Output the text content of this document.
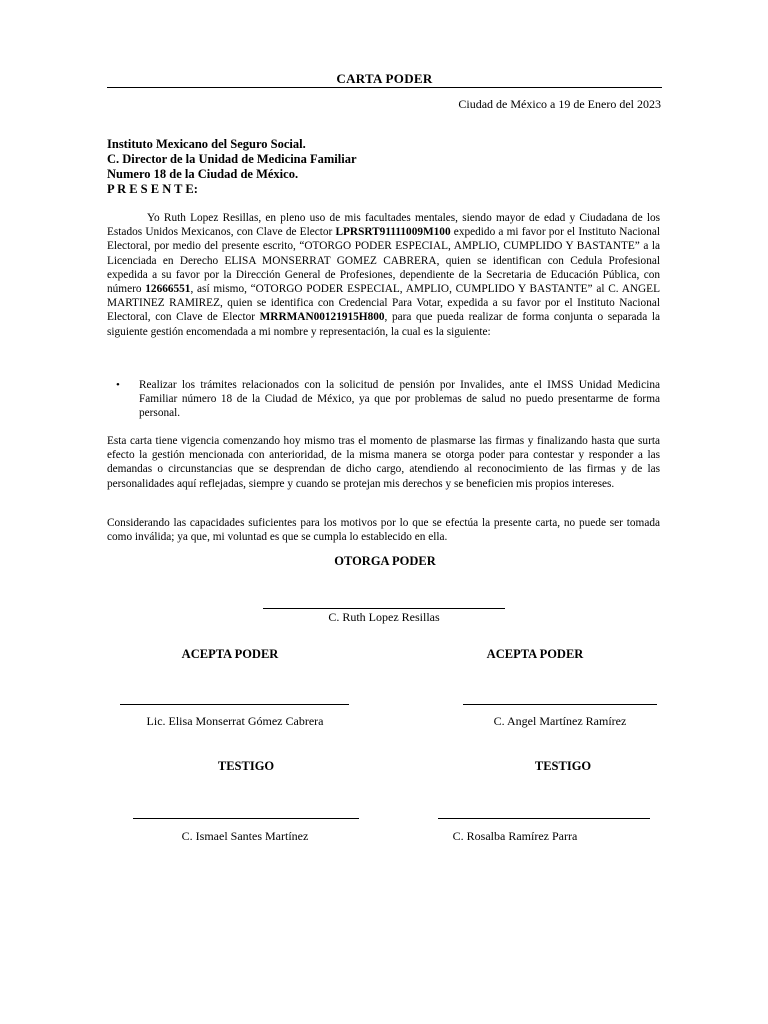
CARTA PODER
Ciudad de México a 19 de Enero del 2023
Instituto Mexicano del Seguro Social.
C. Director de la Unidad de Medicina Familiar
Numero 18 de la Ciudad de México.
P R E S E N T E:
Yo Ruth Lopez Resillas, en pleno uso de mis facultades mentales, siendo mayor de edad y Ciudadana de los Estados Unidos Mexicanos, con Clave de Elector LPRSRT91111009M100 expedido a mi favor por el Instituto Nacional Electoral, por medio del presente escrito, “OTORGO PODER ESPECIAL, AMPLIO, CUMPLIDO Y BASTANTE” a la Licenciada en Derecho ELISA MONSERRAT GOMEZ CABRERA, quien se identifican con Cedula Profesional expedida a su favor por la Dirección General de Profesiones, dependiente de la Secretaria de Educación Pública, con número 12666551, así mismo, “OTORGO PODER ESPECIAL, AMPLIO, CUMPLIDO Y BASTANTE” al C. ANGEL MARTINEZ RAMIREZ, quien se identifica con Credencial Para Votar, expedida a su favor por el Instituto Nacional Electoral, con Clave de Elector MRRMAN00121915H800, para que pueda realizar de forma conjunta o separada la siguiente gestión encomendada a mi nombre y representación, la cual es la siguiente:
• Realizar los trámites relacionados con la solicitud de pensión por Invalides, ante el IMSS Unidad Medicina Familiar número 18 de la Ciudad de México, ya que por problemas de salud no puedo presentarme de forma personal.
Esta carta tiene vigencia comenzando hoy mismo tras el momento de plasmarse las firmas y finalizando hasta que surta efecto la gestión mencionada con anterioridad, de la misma manera se otorga poder para contestar y responder a las demandas o circunstancias que se desprendan de dicho cargo, atendiendo al reconocimiento de las firmas y de las personalidades aquí reflejadas, siempre y cuando se protejan mis derechos y se beneficien mis propios intereses.
Considerando las capacidades suficientes para los motivos por lo que se efectúa la presente carta, no puede ser tomada como inválida; ya que, mi voluntad es que se cumpla lo establecido en ella.
OTORGA PODER
C. Ruth Lopez Resillas
ACEPTA PODER	ACEPTA PODER
Lic. Elisa Monserrat Gómez Cabrera	C. Angel Martínez Ramírez
TESTIGO	TESTIGO
C. Ismael Santes Martínez	C. Rosalba Ramírez Parra
